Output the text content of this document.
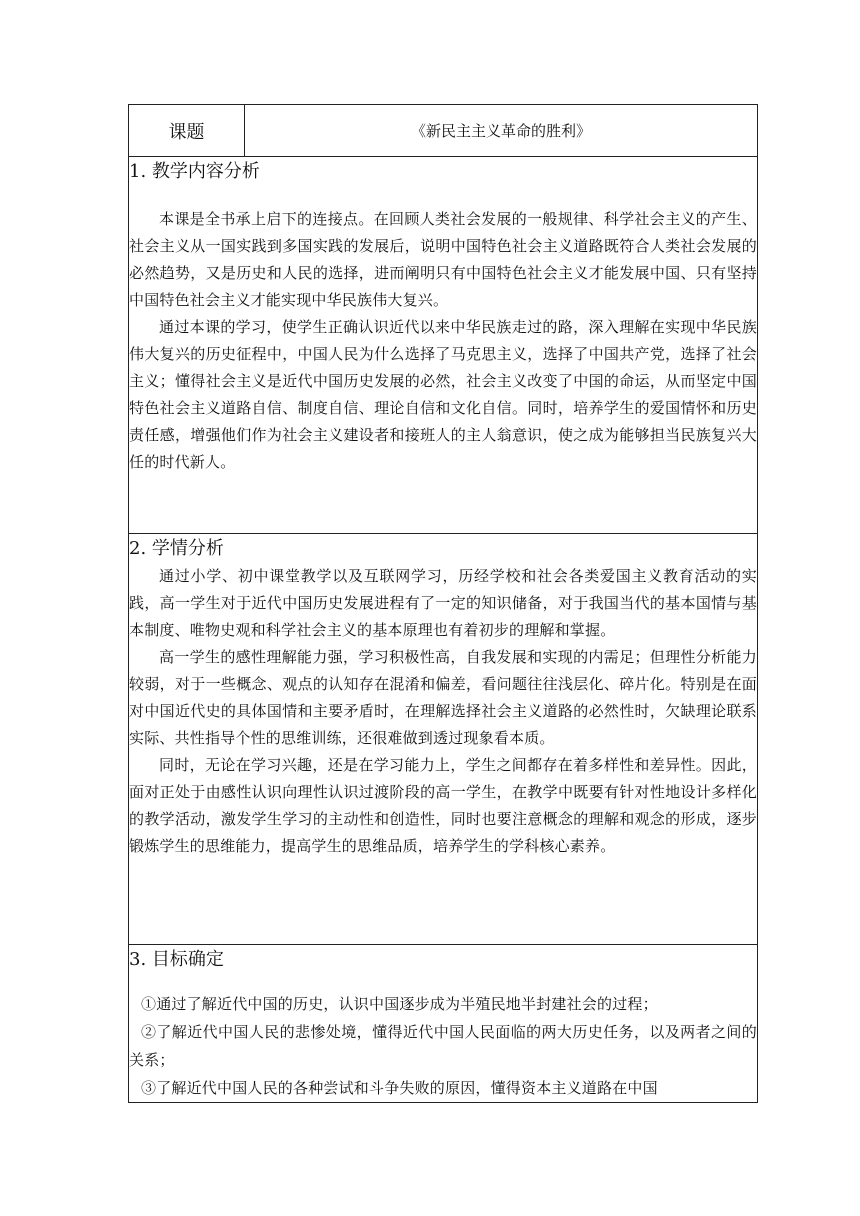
课题	《新民主主义革命的胜利》

1. 教学内容分析

本课是全书承上启下的连接点。在回顾人类社会发展的一般规律、科学社会主义的产生、社会主义从一国实践到多国实践的发展后，说明中国特色社会主义道路既符合人类社会发展的必然趋势，又是历史和人民的选择，进而阐明只有中国特色社会主义才能发展中国、只有坚持中国特色社会主义才能实现中华民族伟大复兴。

通过本课的学习，使学生正确认识近代以来中华民族走过的路，深入理解在实现中华民族伟大复兴的历史征程中，中国人民为什么选择了马克思主义，选择了中国共产党，选择了社会主义；懂得社会主义是近代中国历史发展的必然，社会主义改变了中国的命运，从而坚定中国特色社会主义道路自信、制度自信、理论自信和文化自信。同时，培养学生的爱国情怀和历史责任感，增强他们作为社会主义建设者和接班人的主人翁意识，使之成为能够担当民族复兴大任的时代新人。

2. 学情分析

通过小学、初中课堂教学以及互联网学习，历经学校和社会各类爱国主义教育活动的实践，高一学生对于近代中国历史发展进程有了一定的知识储备，对于我国当代的基本国情与基本制度、唯物史观和科学社会主义的基本原理也有着初步的理解和掌握。

高一学生的感性理解能力强，学习积极性高，自我发展和实现的内需足；但理性分析能力较弱，对于一些概念、观点的认知存在混淆和偏差，看问题往往浅层化、碎片化。特别是在面对中国近代史的具体国情和主要矛盾时，在理解选择社会主义道路的必然性时，欠缺理论联系实际、共性指导个性的思维训练，还很难做到透过现象看本质。

同时，无论在学习兴趣，还是在学习能力上，学生之间都存在着多样性和差异性。因此，面对正处于由感性认识向理性认识过渡阶段的高一学生，在教学中既要有针对性地设计多样化的教学活动，激发学生学习的主动性和创造性，同时也要注意概念的理解和观念的形成，逐步锻炼学生的思维能力，提高学生的思维品质，培养学生的学科核心素养。

3. 目标确定

①通过了解近代中国的历史，认识中国逐步成为半殖民地半封建社会的过程；

②了解近代中国人民的悲惨处境，懂得近代中国人民面临的两大历史任务，以及两者之间的关系；

③了解近代中国人民的各种尝试和斗争失败的原因，懂得资本主义道路在中国
